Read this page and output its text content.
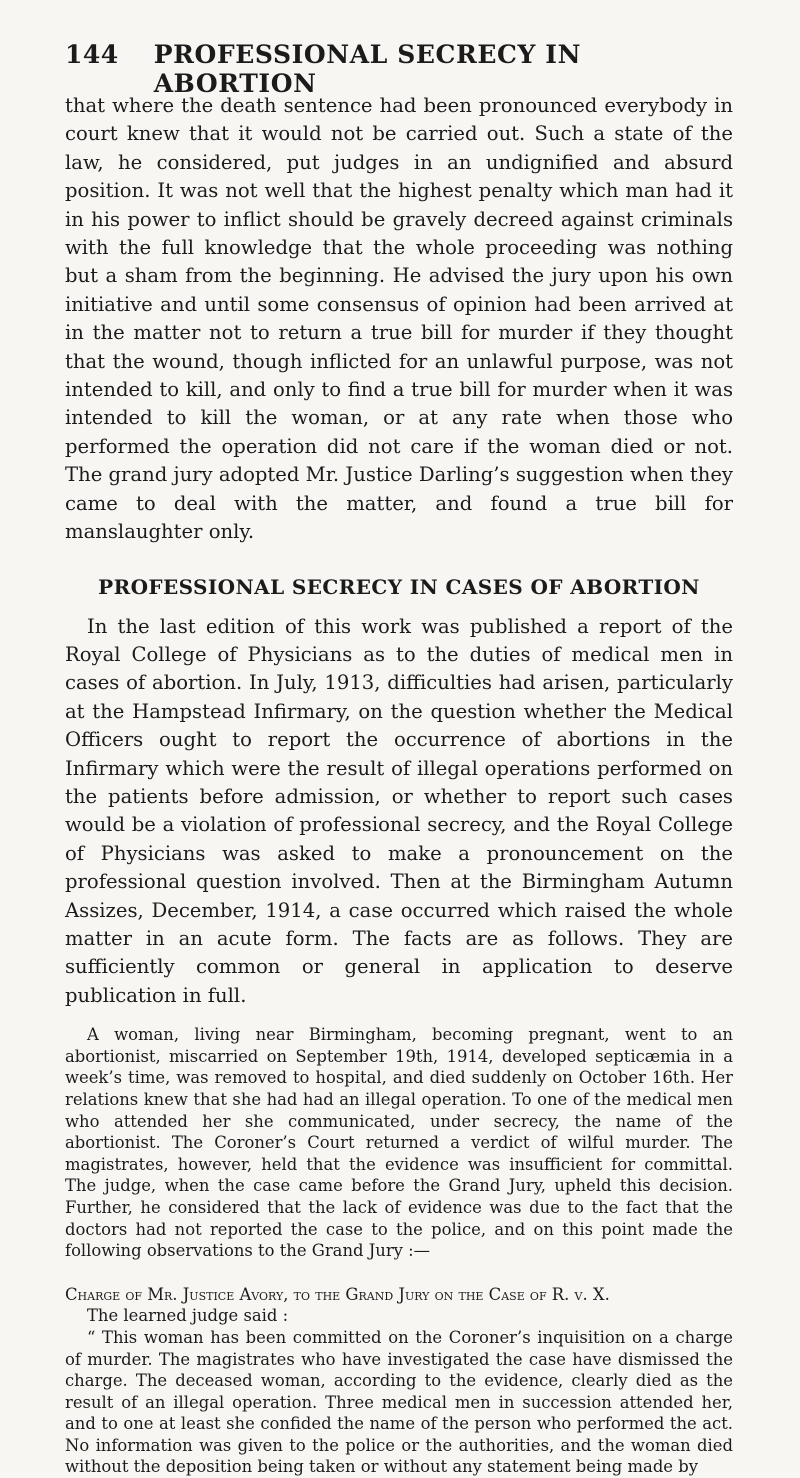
144 PROFESSIONAL SECRECY IN ABORTION

that where the death sentence had been pronounced everybody in court knew that it would not be carried out. Such a state of the law, he considered, put judges in an undignified and absurd position. It was not well that the highest penalty which man had it in his power to inflict should be gravely decreed against criminals with the full knowledge that the whole proceeding was nothing but a sham from the beginning. He advised the jury upon his own initiative and until some consensus of opinion had been arrived at in the matter not to return a true bill for murder if they thought that the wound, though inflicted for an unlawful purpose, was not intended to kill, and only to find a true bill for murder when it was intended to kill the woman, or at any rate when those who performed the operation did not care if the woman died or not. The grand jury adopted Mr. Justice Darling’s suggestion when they came to deal with the matter, and found a true bill for manslaughter only.

PROFESSIONAL SECRECY IN CASES OF ABORTION

In the last edition of this work was published a report of the Royal College of Physicians as to the duties of medical men in cases of abortion. In July, 1913, difficulties had arisen, particularly at the Hampstead Infirmary, on the question whether the Medical Officers ought to report the occurrence of abortions in the Infirmary which were the result of illegal operations performed on the patients before admission, or whether to report such cases would be a violation of professional secrecy, and the Royal College of Physicians was asked to make a pronouncement on the professional question involved. Then at the Birmingham Autumn Assizes, December, 1914, a case occurred which raised the whole matter in an acute form. The facts are as follows. They are sufficiently common or general in application to deserve publication in full.

A woman, living near Birmingham, becoming pregnant, went to an abortionist, miscarried on September 19th, 1914, developed septicæmia in a week’s time, was removed to hospital, and died suddenly on October 16th. Her relations knew that she had had an illegal operation. To one of the medical men who attended her she communicated, under secrecy, the name of the abortionist. The Coroner’s Court returned a verdict of wilful murder. The magistrates, however, held that the evidence was insufficient for committal. The judge, when the case came before the Grand Jury, upheld this decision. Further, he considered that the lack of evidence was due to the fact that the doctors had not reported the case to the police, and on this point made the following observations to the Grand Jury :—

Charge of Mr. Justice Avory, to the Grand Jury on the Case of R. v. X.

The learned judge said :

“ This woman has been committed on the Coroner’s inquisition on a charge of murder. The magistrates who have investigated the case have dismissed the charge. The deceased woman, according to the evidence, clearly died as the result of an illegal operation. Three medical men in succession attended her, and to one at least she confided the name of the person who performed the act. No information was given to the police or the authorities, and the woman died without the deposition being taken or without any statement being made by
